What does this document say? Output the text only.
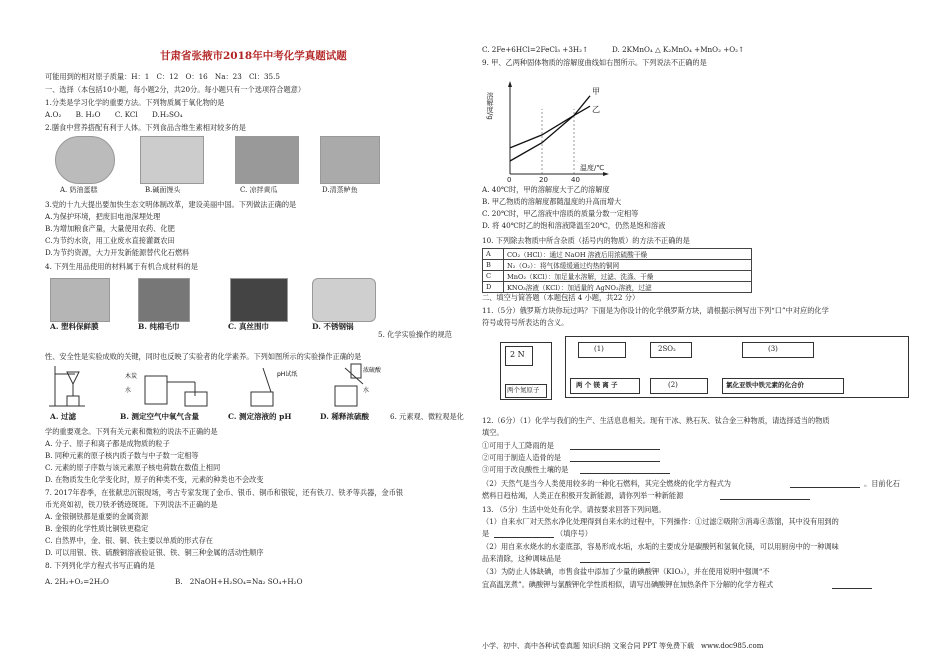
甘肃省张掖市2018年中考化学真题试题
可能用到的相对原子质量：H：1　C：12　O：16　Na：23　Cl：35.5
一、选择（本包括10小题，每小题2分，共20分。每小题只有一个选项符合题意）
1.分类是学习化学的重要方法。下列物质属于氧化物的是
A.O₂　　B. H₂O　　C. KCl　　D.H₂SO₄
2.膳食中营养搭配有利于人体。下列食品含维生素相对较多的是
A. 奶油蛋糕	B.碱面馒头	C. 凉拌黄瓜	D.清蒸鲈鱼
3.党的十九大提出要加快生态文明体制改革，建设美丽中国。下列做法正确的是
A.为保护环境，把废旧电池深埋处理
B.为增加粮食产量，大量使用农药、化肥
C.为节约水资，用工业废水直接灌溉农田
D.为节约资源，大力开发新能源替代化石燃料
4. 下列生用品使用的材料属于有机合成材料的是
A. 塑料保鲜膜	B. 纯棉毛巾	C. 真丝围巾	D. 不锈钢锅
5. 化学实验操作的规范
性、安全性是实验成败的关键，同时也反映了实验者的化学素养。下列如图所示的实验操作正确的是
木炭
水
pH试纸
浓硫酸
水
A. 过滤	B. 测定空气中氧气含量	C. 测定溶液的 pH	D. 稀释浓硫酸	6. 元素观、微粒观是化
学的重要观念。下列有关元素和微粒的说法不正确的是
A. 分子、原子和离子都是成物质的粒子
B. 同种元素的原子核内质子数与中子数一定相等
C. 元素的原子序数与该元素原子核电荷数在数值上相同
D. 在物质发生化学变化时，原子的种类不变，元素的种类也不会改变
7. 2017年春季，在张献忠沉银现场，考古专家发现了金币、银币、铜币和银锭，还有铁刀、铁矛等兵器，金币银
币光亮如初，铁刀铁矛锈迹斑斑。下列说法不正确的是
A. 金银铜铁都是重要的金属资源
B. 金银的化学性质比铜铁更稳定
C. 自然界中，金、银、铜、铁主要以单质的形式存在
D. 可以用银、铁、硫酸铜溶液验证银、铁、铜三种金属的活动性顺序
8. 下列列化学方程式书写正确的是
A. 2H₂+O₂=2H₂O	B.　2NaOH+H₂SO₄=Na₂ SO₄+H₂O
C. 2Fe+6HCl=2FeCl₃ +3H₂↑	D. 2KMnO₄ △ K₂MnO₄ +MnO₂ +O₂↑
9. 甲、乙两种固体物质的溶解度曲线如右图所示。下列说法不正确的是
0	20	40
甲
乙
溶解度/g
温度/℃
A. 40℃时，甲的溶解度大于乙的溶解度
B. 甲乙物质的溶解度都随温度的升高而增大
C. 20℃时，甲乙溶液中溶质的质量分数一定相等
D. 将 40℃时乙的饱和溶液降温至20℃，仍然是饱和溶液
10. 下列除去物质中所含杂质（括号内的物质）的方法不正确的是
A	CO₂（HCl）：通过 NaOH 溶液后用浓硫酸干燥
B	N₂（O₂）：将气体缓缓通过灼热的铜网
C	MnO₂（KCl）：加足量水溶解，过滤、洗涤、干燥
D	KNO₃溶液（KCl）：加适量的 AgNO₃溶液，过滤
二、填空与简答题（本题包括 4 小题，共22 分）
11.（5分）俄罗斯方块你玩过吗？下面是为你设计的化学俄罗斯方块，请根据示例写出下列“口”中对应的化学
符号或符号所表达的含义。
2 N
两个氮原子
(1)
两 个 镁 离 子
2SO₂
(2)
(3)
氯化亚铁中铁元素的化合价
12.（6分）（1）化学与我们的生产、生活息息相关。现有干冰、熟石灰、钛合金三种物质，请选择适当的物质
填空。
①可用于人工降雨的是
②可用于制造人造骨的是
③可用于改良酸性土壤的是
（2）天然气是当今人类使用较多的一种化石燃料，其完全燃烧的化学方程式为	。目前化石
燃料日趋枯竭，人类正在积极开发新能源，请你列举一种新能源
13. （5分）生活中处处有化学。请按要求回答下列问题。
（1）自来水厂对天然水净化处理得到自来水的过程中，下列操作：①过滤②吸附③消毒④蒸馏，其中没有用到的
是	（填序号）
（2）用自来水烧水的水壶底部，容易形成水垢，水垢的主要成分是碳酸钙和氢氧化镁，可以用厨房中的一种调味
品来清除，这种调味品是
（3）为防止人体缺碘，市售食盐中添加了少量的碘酸钾（KIO₃），并在使用说明中强调“不
宜高温烹煮”。碘酸钾与氯酸钾化学性质相似，请写出碘酸钾在加热条件下分解的化学方程式
小学、初中、高中各种试卷真题 知识归纳 文案合同 PPT 等免费下载　www.doc985.com
